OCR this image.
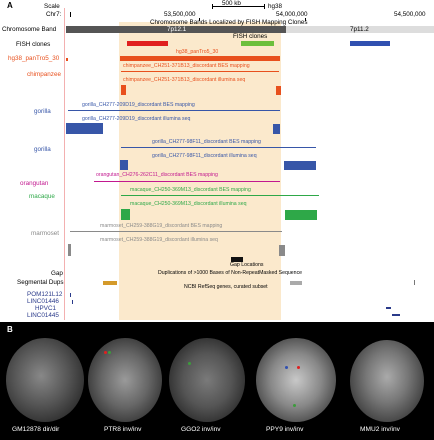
A	Scale	500 kb	hg38
Chr7:	53,500,000	54,000,000	54,500,000
Chromosome Bands Localized by FISH Mapping Clones
Chromosome Band	7p12.1	7p11.2
FISH clones
FISH clones
hg38_panTro5_30
hg38_panTro5_30
chimpanzee_CH251-371B13_discordant BES mapping
chimpanzee
chimpanzee_CH251-371B13_discordant illumina seq
gorilla_CH277-209D19_discordant BES mapping
gorilla
gorilla_CH277-209D19_discordant illumina seq
gorilla_CH277-98F11_discordant BES mapping
gorilla
gorilla_CH277-98F11_discordant illumina seq
orangutan_CH276-262C11_discordant BES mapping
orangutan
macaque_CH250-369M13_discordant BES mapping
macaque
macaque_CH250-369M13_discordant illumina seq
marmoset_CH259-388G19_discordant BES mapping
marmoset
marmoset_CH259-388G19_discordant illumina seq
Gap Locations
Gap	Duplications of >1000 Bases of Non-RepeatMasked Sequence
Segmental Dups
NCBI RefSeq genes, curated subset
POM121L12
LINC01446
HPVC1
LINC01445
B
GM12878 dir/dir	PTR8 inv/inv	GGO2 inv/inv	PPY9 inv/inv	MMU2 inv/inv
